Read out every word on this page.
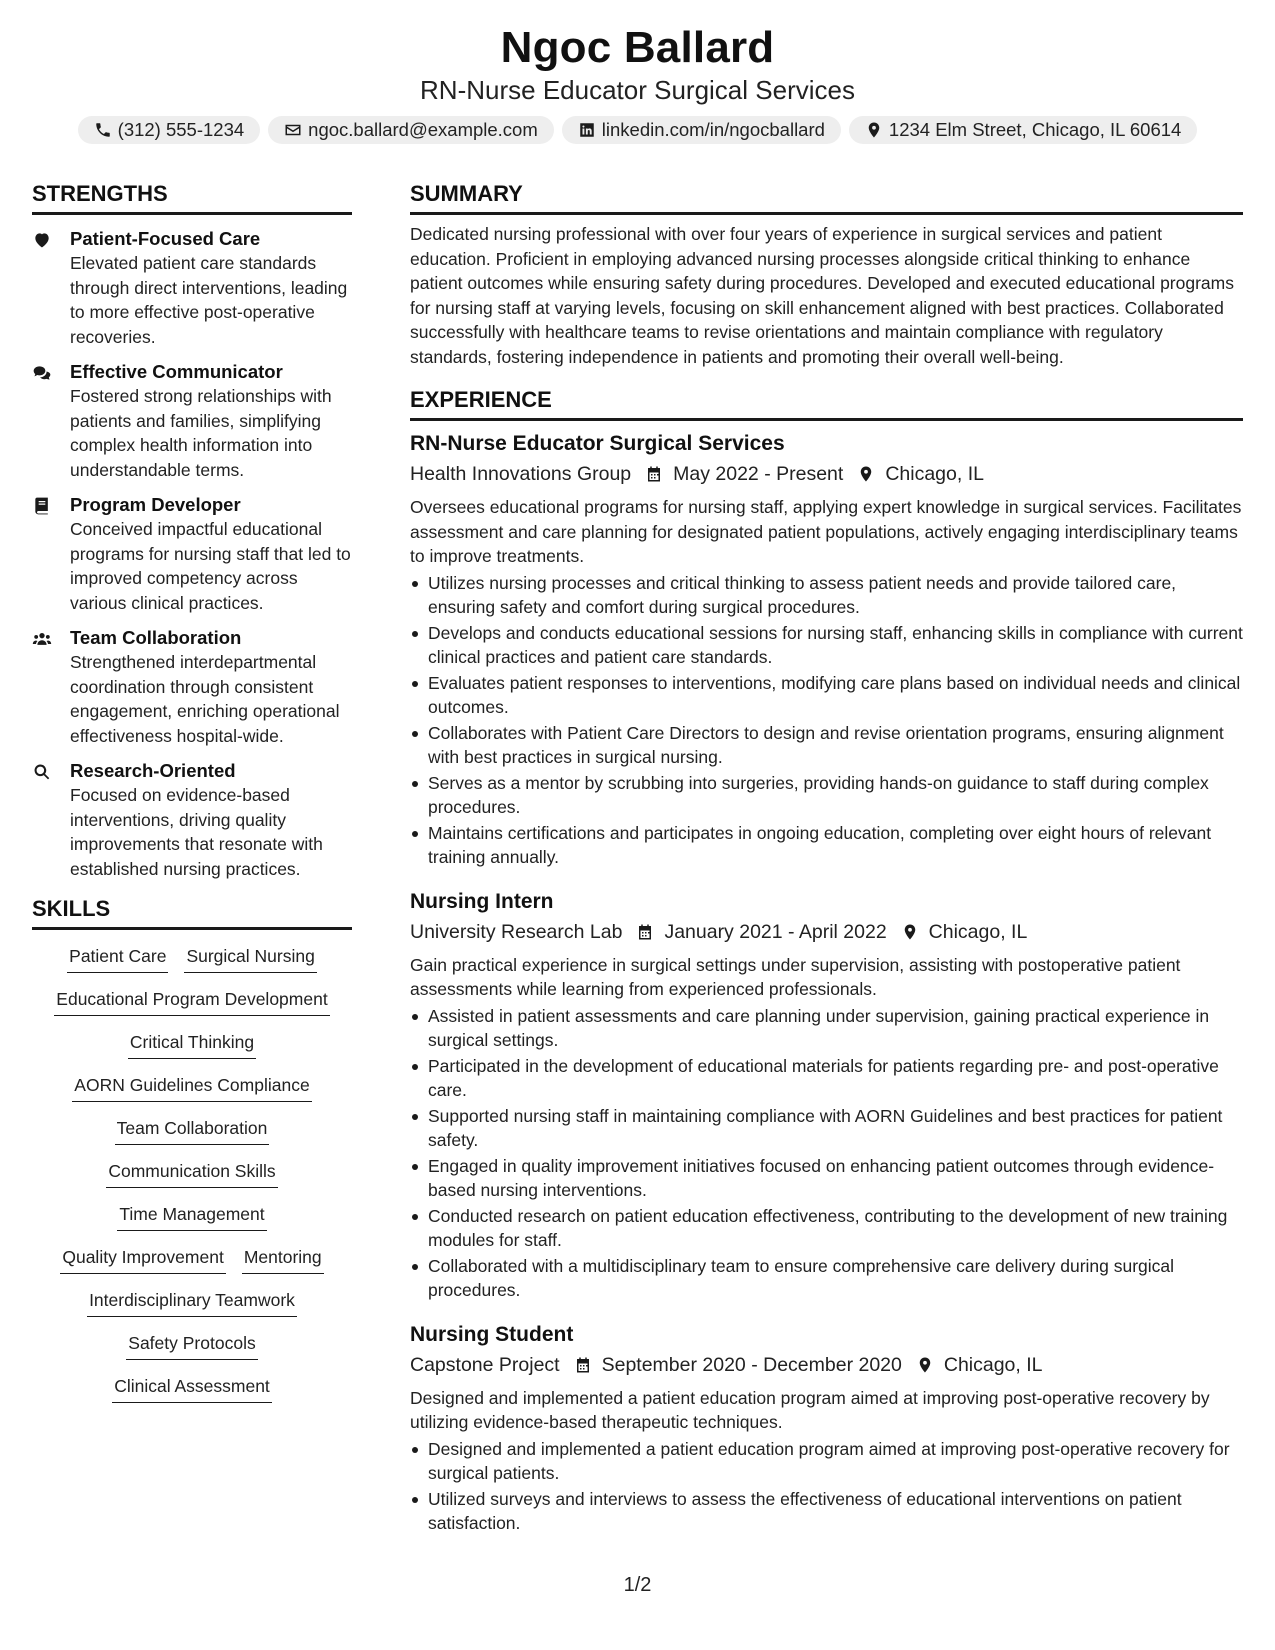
Ngoc Ballard
RN-Nurse Educator Surgical Services
(312) 555-1234	ngoc.ballard@example.com	linkedin.com/in/ngocballard	1234 Elm Street, Chicago, IL 60614
STRENGTHS
Patient-Focused Care
Elevated patient care standards through direct interventions, leading to more effective post-operative recoveries.
Effective Communicator
Fostered strong relationships with patients and families, simplifying complex health information into understandable terms.
Program Developer
Conceived impactful educational programs for nursing staff that led to improved competency across various clinical practices.
Team Collaboration
Strengthened interdepartmental coordination through consistent engagement, enriching operational effectiveness hospital-wide.
Research-Oriented
Focused on evidence-based interventions, driving quality improvements that resonate with established nursing practices.
SKILLS
Patient Care Surgical Nursing
Educational Program Development
Critical Thinking
AORN Guidelines Compliance
Team Collaboration
Communication Skills
Time Management
Quality Improvement Mentoring
Interdisciplinary Teamwork
Safety Protocols
Clinical Assessment
SUMMARY
Dedicated nursing professional with over four years of experience in surgical services and patient education. Proficient in employing advanced nursing processes alongside critical thinking to enhance patient outcomes while ensuring safety during procedures. Developed and executed educational programs for nursing staff at varying levels, focusing on skill enhancement aligned with best practices. Collaborated successfully with healthcare teams to revise orientations and maintain compliance with regulatory standards, fostering independence in patients and promoting their overall well-being.
EXPERIENCE
RN-Nurse Educator Surgical Services
Health Innovations Group May 2022 - Present Chicago, IL
Oversees educational programs for nursing staff, applying expert knowledge in surgical services. Facilitates assessment and care planning for designated patient populations, actively engaging interdisciplinary teams to improve treatments.
Utilizes nursing processes and critical thinking to assess patient needs and provide tailored care, ensuring safety and comfort during surgical procedures.
Develops and conducts educational sessions for nursing staff, enhancing skills in compliance with current clinical practices and patient care standards.
Evaluates patient responses to interventions, modifying care plans based on individual needs and clinical outcomes.
Collaborates with Patient Care Directors to design and revise orientation programs, ensuring alignment with best practices in surgical nursing.
Serves as a mentor by scrubbing into surgeries, providing hands-on guidance to staff during complex procedures.
Maintains certifications and participates in ongoing education, completing over eight hours of relevant training annually.
Nursing Intern
University Research Lab January 2021 - April 2022 Chicago, IL
Gain practical experience in surgical settings under supervision, assisting with postoperative patient assessments while learning from experienced professionals.
Assisted in patient assessments and care planning under supervision, gaining practical experience in surgical settings.
Participated in the development of educational materials for patients regarding pre- and post-operative care.
Supported nursing staff in maintaining compliance with AORN Guidelines and best practices for patient safety.
Engaged in quality improvement initiatives focused on enhancing patient outcomes through evidence-based nursing interventions.
Conducted research on patient education effectiveness, contributing to the development of new training modules for staff.
Collaborated with a multidisciplinary team to ensure comprehensive care delivery during surgical procedures.
Nursing Student
Capstone Project September 2020 - December 2020 Chicago, IL
Designed and implemented a patient education program aimed at improving post-operative recovery by utilizing evidence-based therapeutic techniques.
Designed and implemented a patient education program aimed at improving post-operative recovery for surgical patients.
Utilized surveys and interviews to assess the effectiveness of educational interventions on patient satisfaction.
1/2
